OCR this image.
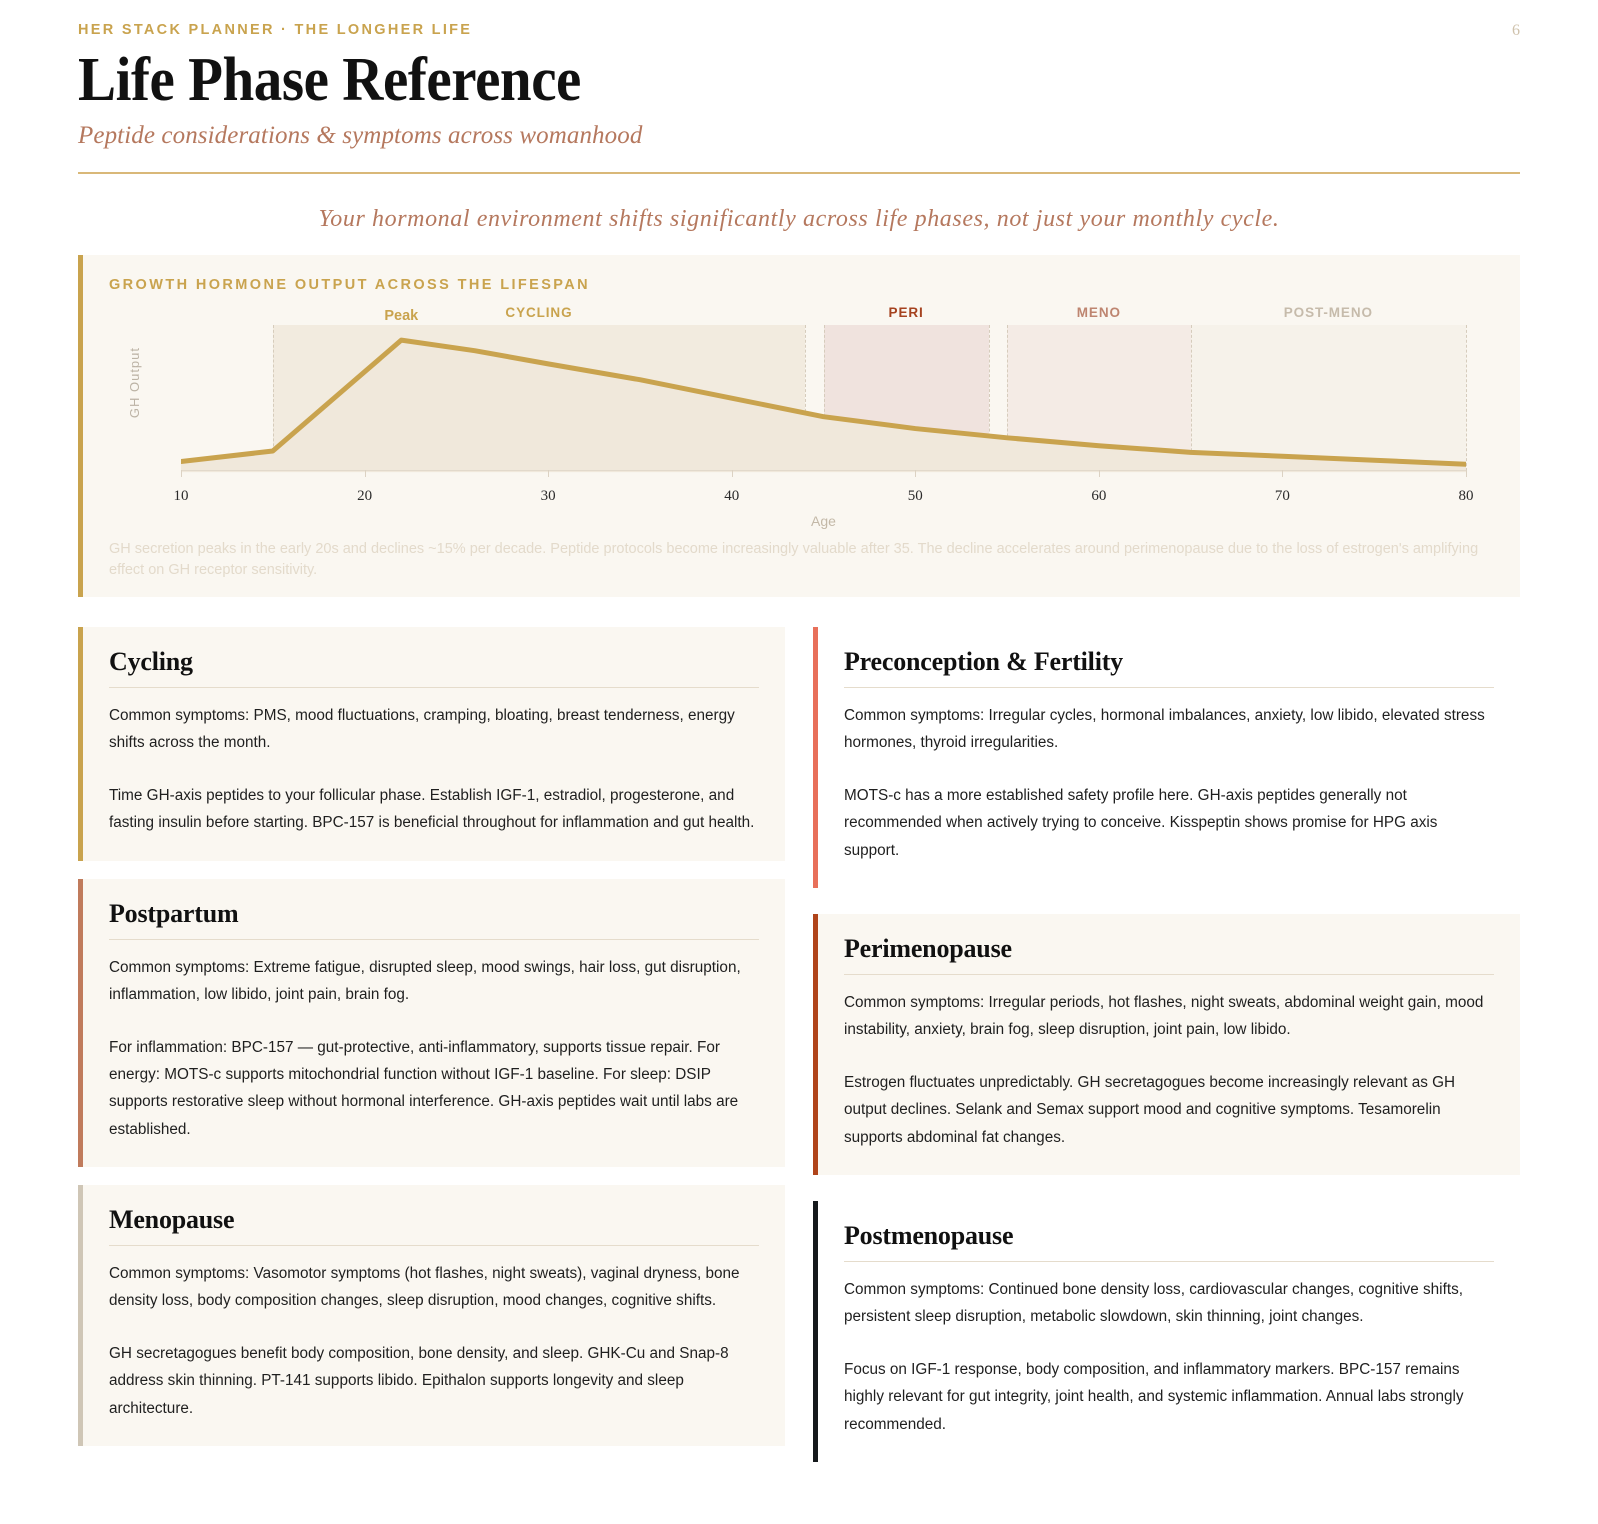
HER STACK PLANNER · THE LONGHER LIFE	6
Life Phase Reference
Peptide considerations & symptoms across womanhood
Your hormonal environment shifts significantly across life phases, not just your monthly cycle.
GROWTH HORMONE OUTPUT ACROSS THE LIFESPAN
GH Output
CYCLING	PERI	MENO	POST-MENO
10	20	30	40	50	60	70	80
Age
Peak
GH secretion peaks in the early 20s and declines ~15% per decade. Peptide protocols become increasingly valuable after 35. The decline accelerates around perimenopause due to the loss of estrogen's amplifying effect on GH receptor sensitivity.
Cycling

Common symptoms: PMS, mood fluctuations, cramping, bloating, breast tenderness, energy shifts across the month.

Time GH-axis peptides to your follicular phase. Establish IGF-1, estradiol, progesterone, and fasting insulin before starting. BPC-157 is beneficial throughout for inflammation and gut health.

Postpartum

Common symptoms: Extreme fatigue, disrupted sleep, mood swings, hair loss, gut disruption, inflammation, low libido, joint pain, brain fog.

For inflammation: BPC-157 — gut-protective, anti-inflammatory, supports tissue repair. For energy: MOTS-c supports mitochondrial function without IGF-1 baseline. For sleep: DSIP supports restorative sleep without hormonal interference. GH-axis peptides wait until labs are established.

Menopause

Common symptoms: Vasomotor symptoms (hot flashes, night sweats), vaginal dryness, bone density loss, body composition changes, sleep disruption, mood changes, cognitive shifts.

GH secretagogues benefit body composition, bone density, and sleep. GHK-Cu and Snap-8 address skin thinning. PT-141 supports libido. Epithalon supports longevity and sleep architecture.

Preconception & Fertility

Common symptoms: Irregular cycles, hormonal imbalances, anxiety, low libido, elevated stress hormones, thyroid irregularities.

MOTS-c has a more established safety profile here. GH-axis peptides generally not recommended when actively trying to conceive. Kisspeptin shows promise for HPG axis support.

Perimenopause

Common symptoms: Irregular periods, hot flashes, night sweats, abdominal weight gain, mood instability, anxiety, brain fog, sleep disruption, joint pain, low libido.

Estrogen fluctuates unpredictably. GH secretagogues become increasingly relevant as GH output declines. Selank and Semax support mood and cognitive symptoms. Tesamorelin supports abdominal fat changes.

Postmenopause

Common symptoms: Continued bone density loss, cardiovascular changes, cognitive shifts, persistent sleep disruption, metabolic slowdown, skin thinning, joint changes.

Focus on IGF-1 response, body composition, and inflammatory markers. BPC-157 remains highly relevant for gut integrity, joint health, and systemic inflammation. Annual labs strongly recommended.
